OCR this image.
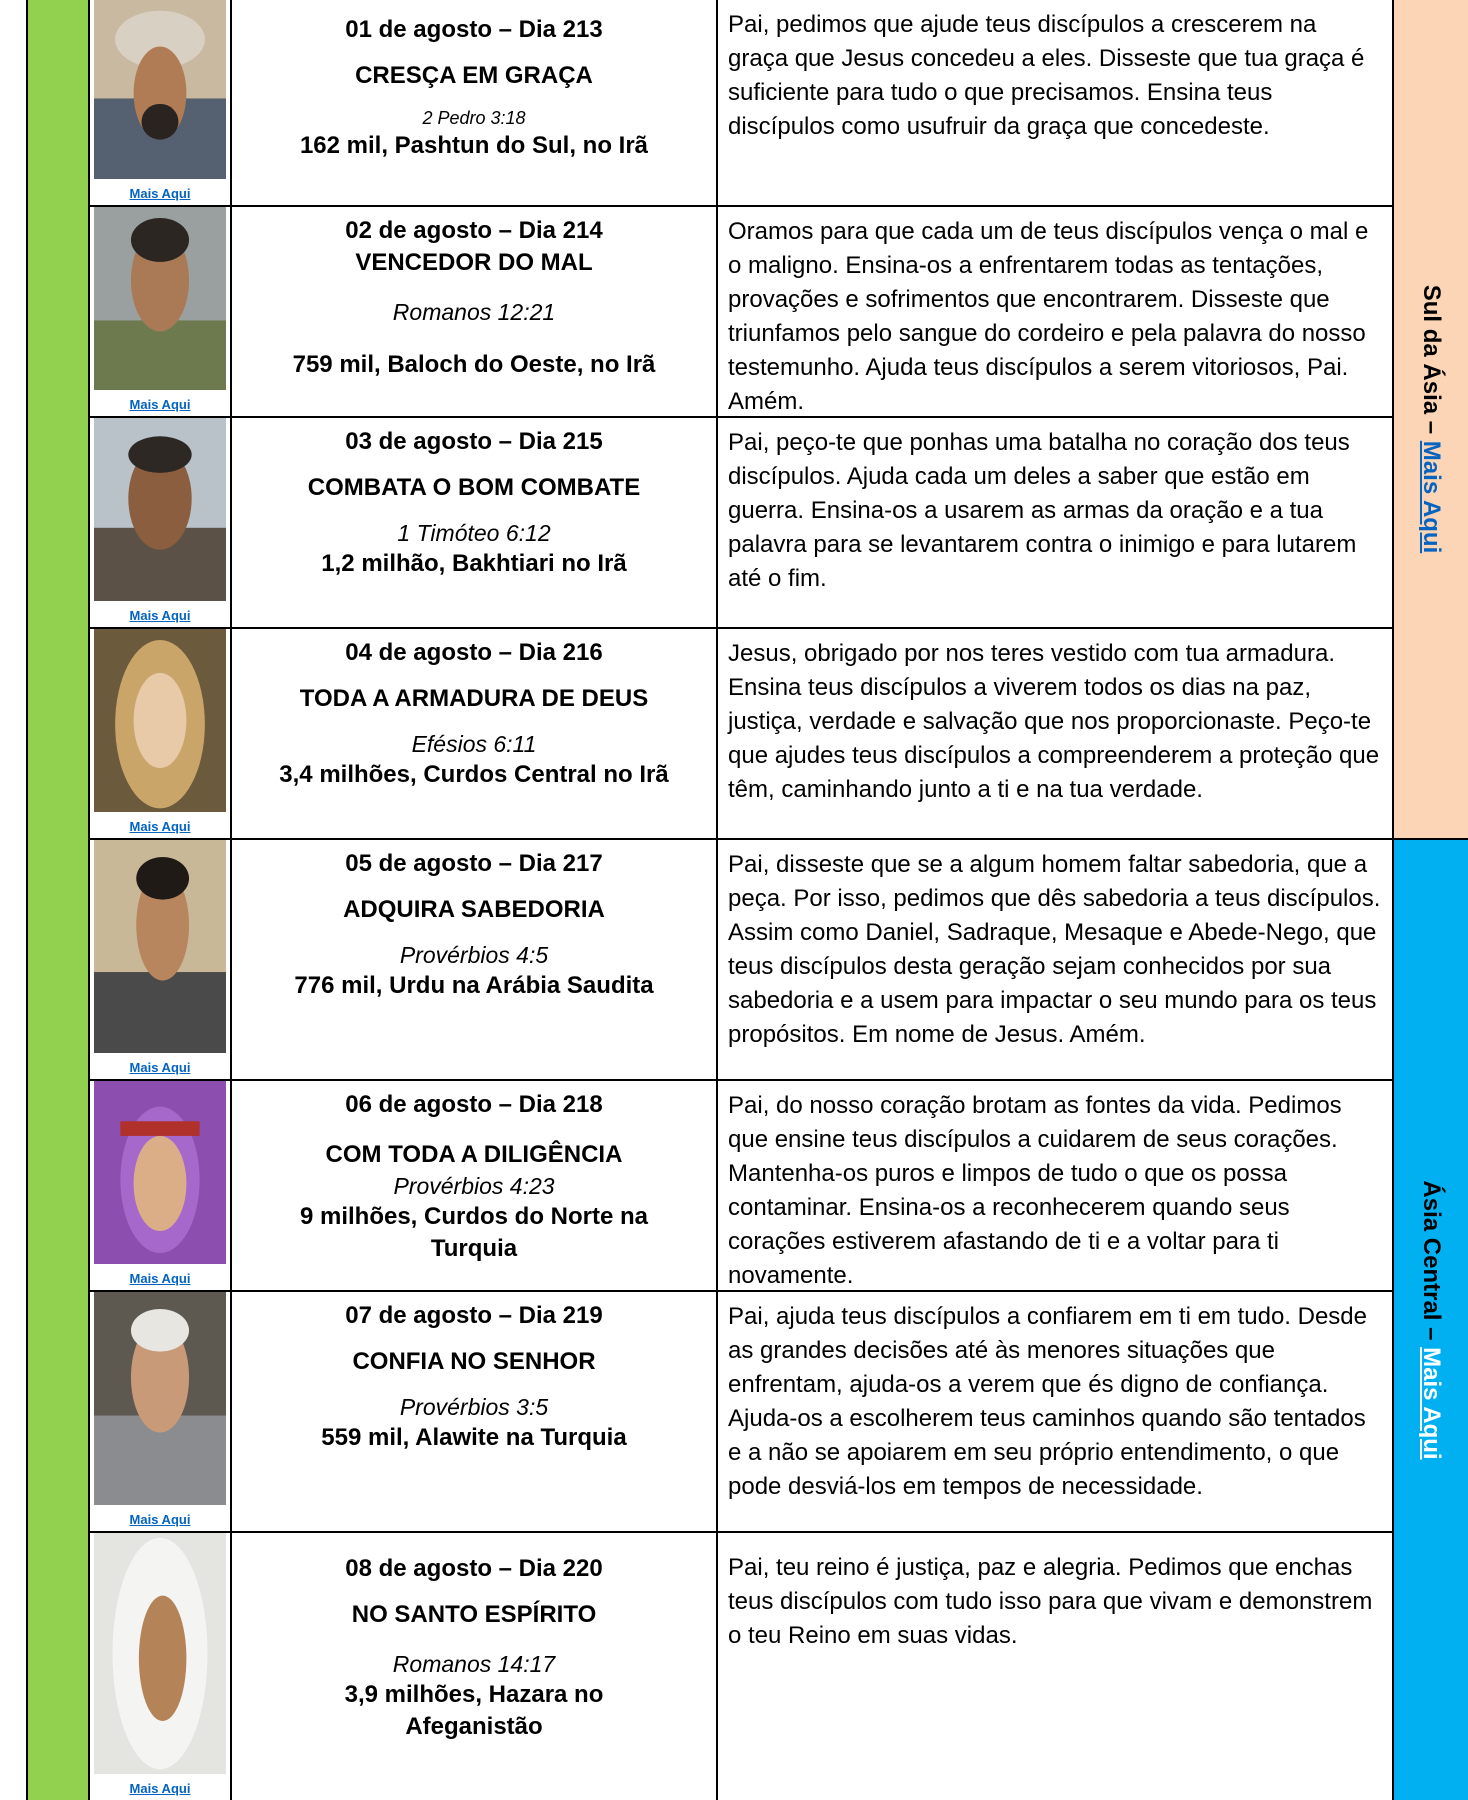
Mais Aqui
01 de agosto – Dia 213
CRESÇA EM GRAÇA
2 Pedro 3:18
162 mil, Pashtun do Sul, no Irã
Pai, pedimos que ajude teus discípulos a crescerem na graça que Jesus concedeu a eles. Disseste que tua graça é suficiente para tudo o que precisamos. Ensina teus discípulos como usufruir da graça que concedeste.
Mais Aqui
02 de agosto – Dia 214
VENCEDOR DO MAL
Romanos 12:21
759 mil, Baloch do Oeste, no Irã
Oramos para que cada um de teus discípulos vença o mal e o maligno. Ensina-os a enfrentarem todas as tentações, provações e sofrimentos que encontrarem. Disseste que triunfamos pelo sangue do cordeiro e pela palavra do nosso testemunho. Ajuda teus discípulos a serem vitoriosos, Pai. Amém.
Mais Aqui
03 de agosto – Dia 215
COMBATA O BOM COMBATE
1 Timóteo 6:12
1,2 milhão, Bakhtiari no Irã
Pai, peço-te que ponhas uma batalha no coração dos teus discípulos. Ajuda cada um deles a saber que estão em guerra. Ensina-os a usarem as armas da oração e a tua palavra para se levantarem contra o inimigo e para lutarem até o fim.
Mais Aqui
04 de agosto – Dia 216
TODA A ARMADURA DE DEUS
Efésios 6:11
3,4 milhões, Curdos Central no Irã
Jesus, obrigado por nos teres vestido com tua armadura. Ensina teus discípulos a viverem todos os dias na paz, justiça, verdade e salvação que nos proporcionaste. Peço-te que ajudes teus discípulos a compreenderem a proteção que têm, caminhando junto a ti e na tua verdade.
Mais Aqui
05 de agosto – Dia 217
ADQUIRA SABEDORIA
Provérbios 4:5
776 mil, Urdu na Arábia Saudita
Pai, disseste que se a algum homem faltar sabedoria, que a peça. Por isso, pedimos que dês sabedoria a teus discípulos. Assim como Daniel, Sadraque, Mesaque e Abede-Nego, que teus discípulos desta geração sejam conhecidos por sua sabedoria e a usem para impactar o seu mundo para os teus propósitos. Em nome de Jesus. Amém.
Mais Aqui
06 de agosto – Dia 218
COM TODA A DILIGÊNCIA
Provérbios 4:23
9 milhões, Curdos do Norte na Turquia
Pai, do nosso coração brotam as fontes da vida. Pedimos que ensine teus discípulos a cuidarem de seus corações. Mantenha-os puros e limpos de tudo o que os possa contaminar. Ensina-os a reconhecerem quando seus corações estiverem afastando de ti e a voltar para ti novamente.
Mais Aqui
07 de agosto – Dia 219
CONFIA NO SENHOR
Provérbios 3:5
559 mil, Alawite na Turquia
Pai, ajuda teus discípulos a confiarem em ti em tudo. Desde as grandes decisões até às menores situações que enfrentam, ajuda-os a verem que és digno de confiança. Ajuda-os a escolherem teus caminhos quando são tentados e a não se apoiarem em seu próprio entendimento, o que pode desviá-los em tempos de necessidade.
Mais Aqui
08 de agosto – Dia 220
NO SANTO ESPÍRITO
Romanos 14:17
3,9 milhões, Hazara no Afeganistão
Pai, teu reino é justiça, paz e alegria. Pedimos que enchas teus discípulos com tudo isso para que vivam e demonstrem o teu Reino em suas vidas.
Sul da Ásia – Mais Aqui
Ásia Central – Mais Aqui
